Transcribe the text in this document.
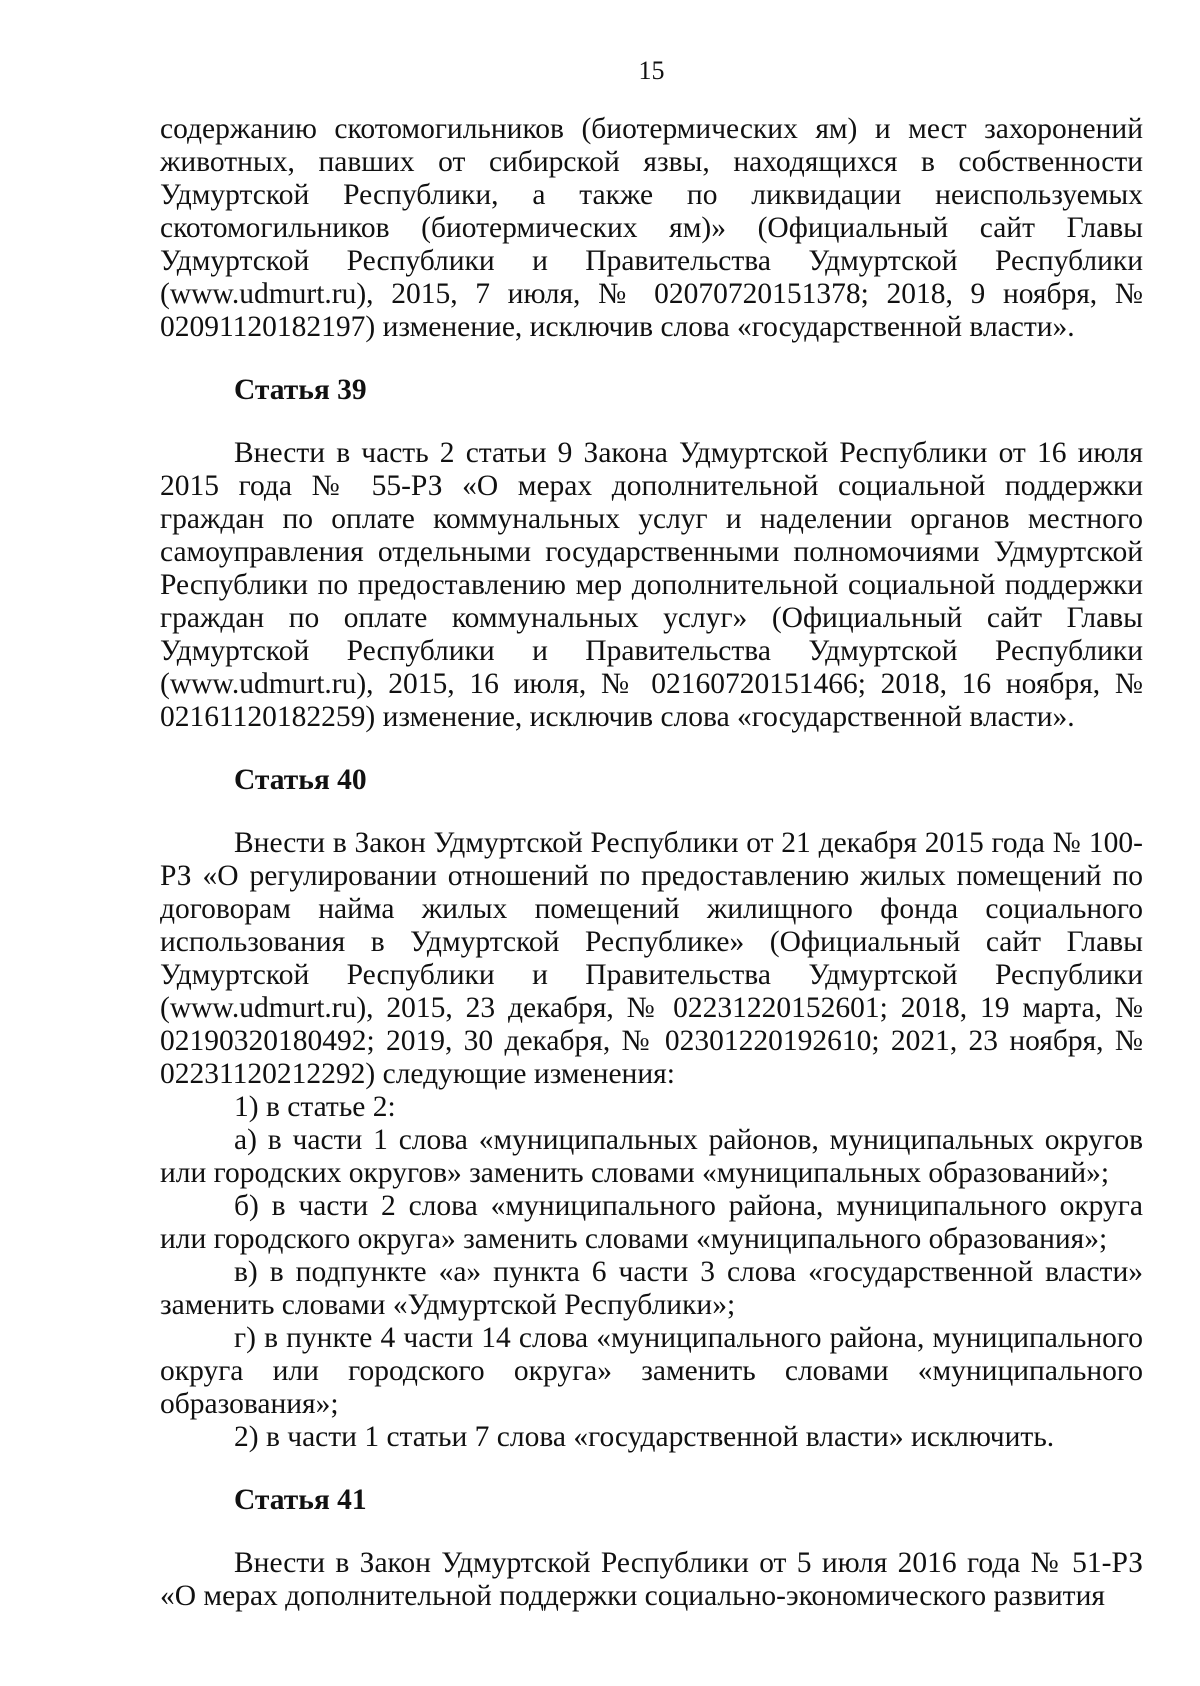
15

содержанию скотомогильников (биотермических ям) и мест захоронений животных, павших от сибирской язвы, находящихся в собственности Удмуртской Республики, а также по ликвидации неиспользуемых скотомогильников (биотермических ям)» (Официальный сайт Главы Удмуртской Республики и Правительства Удмуртской Республики (www.udmurt.ru), 2015, 7 июля, № 02070720151378; 2018, 9 ноября, № 02091120182197) изменение, исключив слова «государственной власти».

Статья 39

Внести в часть 2 статьи 9 Закона Удмуртской Республики от 16 июля 2015 года № 55-РЗ «О мерах дополнительной социальной поддержки граждан по оплате коммунальных услуг и наделении органов местного самоуправления отдельными государственными полномочиями Удмуртской Республики по предоставлению мер дополнительной социальной поддержки граждан по оплате коммунальных услуг» (Официальный сайт Главы Удмуртской Республики и Правительства Удмуртской Республики (www.udmurt.ru), 2015, 16 июля, № 02160720151466; 2018, 16 ноября, № 02161120182259) изменение, исключив слова «государственной власти».

Статья 40

Внести в Закон Удмуртской Республики от 21 декабря 2015 года № 100-РЗ «О регулировании отношений по предоставлению жилых помещений по договорам найма жилых помещений жилищного фонда социального использования в Удмуртской Республике» (Официальный сайт Главы Удмуртской Республики и Правительства Удмуртской Республики (www.udmurt.ru), 2015, 23 декабря, № 02231220152601; 2018, 19 марта, № 02190320180492; 2019, 30 декабря, № 02301220192610; 2021, 23 ноября, № 02231120212292) следующие изменения:

1) в статье 2:

а) в части 1 слова «муниципальных районов, муниципальных округов или городских округов» заменить словами «муниципальных образований»;

б) в части 2 слова «муниципального района, муниципального округа или городского округа» заменить словами «муниципального образования»;

в) в подпункте «а» пункта 6 части 3 слова «государственной власти» заменить словами «Удмуртской Республики»;

г) в пункте 4 части 14 слова «муниципального района, муниципального округа или городского округа» заменить словами «муниципального образования»;

2) в части 1 статьи 7 слова «государственной власти» исключить.

Статья 41

Внести в Закон Удмуртской Республики от 5 июля 2016 года № 51-РЗ «О мерах дополнительной поддержки социально-экономического развития
